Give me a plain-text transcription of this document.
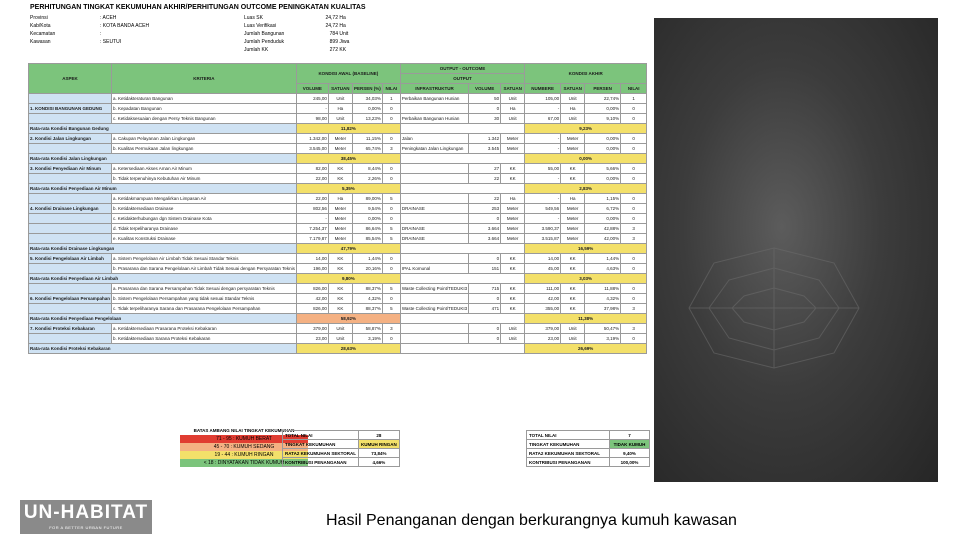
PERHITUNGAN TINGKAT KEKUMUHAN AKHIR/PERHITUNGAN OUTCOME PENINGKATAN KUALITAS
Provinsi	: ACEH
Kab/Kota	: KOTA BANDA ACEH
Kecamatan	:
Kawasan	: SEUTUI
Luas SK	24,72 Ha
Luas Verifikasi	24,72 Ha
Jumlah Bangunan	784 Unit
Jumlah Penduduk	899 Jiwa
Jumlah KK	272 KK
ASPEK	KRITERIA	KONDISI AWAL (BASELINE)				OUTPUT - OUTCOME			KONDISI AKHIR			
						OUTPUT						
		VOLUME	SATUAN	PERSEN (%)	NILAI	INFRASTRUKTUR	VOLUME	SATUAN	NUMBERE	SATUAN	PERSEN	NILAI
	a. Ketidakteraturan Bangunan	245,00	Unit	34,03%	1	Perbaikan Bangunan Hunian	50	Unit	105,00	Unit	22,74%	1
1. KONDISI BANGUNAN GEDUNG	b. Kepadatan Bangunan	-	Ha	0,00%	0		0	Ha	-	Ha	0,00%	0
	c. Ketidaksesuaian dengan Persy Teknis Bangunan	98,00	Unit	13,23%	0	Perbaikan Bangunan Hunian	30	Unit	67,00	Unit	9,10%	0
Rata-rata Kondisi Bangunan Gedung		11,82%							9,23%			
2. Kondisi Jalan Lingkungan	a. Cakupan Pelayanan Jalan Lingkungan	1.342,00	Meter	11,15%	0	Jalan	1.342	Meter	-	Meter	0,00%	0
	b. Kualitas Permukaan Jalan lingkungan	3.545,00	Meter	65,74%	3	Peningkatan Jalan Lingkungan	3.545	Meter	-	Meter	0,00%	0
Rata-rata Kondisi Jalan Lingkungan		38,45%							0,00%			
3. Kondisi Penyediaan Air Minum	a. Ketersediaan Akses Aman Air Minum	82,00	KK	8,44%	0		27	KK	55,00	KK	5,66%	0
	b. Tidak terpenuhinya Kebutuhan Air Minum	22,00	KK	2,26%	0		22	KK	-	KK	0,00%	0
Rata-rata Kondisi Penyediaan Air Minum		5,35%							2,83%			
	a. Ketidakmampuan Mengalirkan Limpasan Air	22,00	Ha	89,00%	5		22	Ha	-	Ha	1,15%	0
4. Kondisi Drainase Lingkungan	b. Ketidaktersediaan Drainase	802,56	Meter	9,54%	0	DRAINASE	253	Meter	549,56	Meter	6,72%	0
	c. Ketidakterhubungan dgn Sistem Drainase Kota	-	Meter	0,00%	0		0	Meter	-	Meter	0,00%	0
	d. Tidak terpeliharanya Drainase	7.254,37	Meter	86,64%	5	DRAINASE	3.664	Meter	3.590,37	Meter	42,88%	3
	e. Kualitas Konstruksi Drainase	7.179,87	Meter	85,54%	5	DRAINASE	3.664	Meter	3.515,87	Meter	42,00%	3
Rata-rata Kondisi Drainase Lingkungan		47,79%							16,59%			
5. Kondisi Pengelolaan Air Limbah	a. Sistem Pengelolaan Air Limbah Tidak Sesuai Standar Teknis	14,00	KK	1,44%	0		0	KK	14,00	KK	1,44%	0
	b. Prasarana dan Sarana Pengelolaan Air Limbah Tidak Sesuai dengan Persyaratan Teknis	196,00	KK	20,16%	0	IPAL Komunal	151	KK	45,00	KK	4,63%	0
Rata-rata Kondisi Penyediaan Air Limbah		9,80%							3,03%			
	a. Prasarana dan Sarana Persampahan Tidak Sesuai dengan persyaratan Teknis	826,00	KK	88,37%	5	Waste Collecting Point/TEDUKI3	715	KK	111,00	KK	11,88%	0
6. Kondisi Pengelolaan Persampahan	b. Sistem Pengelolaan Persampahan yang tidak sesuai Standar Teknis	42,00	KK	4,32%	0		0	KK	42,00	KK	4,32%	0
	c. Tidak terpeliharanya Sarana dan Prasarana Pengelolaan Persampahan	826,00	KK	88,37%	5	Waste Collecting Point/TEDUKI3	471	KK	355,00	KK	37,98%	3
Rata-rata Kondisi Penyediaan Pengelolaan		58,92%							11,38%			
7. Kondisi Proteksi Kebakaran	a. Ketidaktersediaan Prasarana Proteksi Kebakaran	379,00	Unit	58,87%	3		0	Unit	379,00	Unit	50,47%	3
	b. Ketidaktersediaan Sarana Proteksi Kebakaran	23,00	Unit	3,19%	0		0	Unit	23,00	Unit	3,19%	0
Rata-rata Kondisi Proteksi Kebakaran		28,63%							26,69%			
BATAS AMBANG NILAI TINGKAT KEKUMUHAN
71 - 95 : KUMUH BERAT
45 - 70 : KUMUH SEDANG
19 - 44 : KUMUH RINGAN
< 18 : DINYATAKAN TIDAK KUMUH
TOTAL NILAI	28
TINGKAT KEKUMUHAN	KUMUH RINGAN
RATA2 KEKUMUHAN SEKTORAL	73,84%
KONTRIBUSI PENANGANAN	4,66%
TOTAL NILAI	7
TINGKAT KEKUMUHAN	TIDAK KUMUH
RATA2 KEKUMUHAN SEKTORAL	9,40%
KONTRIBUSI PENANGANAN	100,00%
UN-HABITAT
FOR A BETTER URBAN FUTURE	Hasil Penanganan dengan berkurangnya kumuh kawasan
